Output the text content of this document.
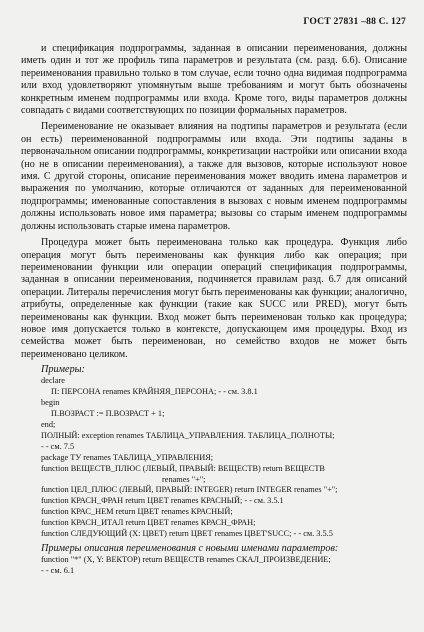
ГОСТ 27831 –88 С. 127

и спецификация подпрограммы, заданная в описании переименования, должны иметь один и тот же профиль типа параметров и результата (см. разд. 6.6). Описание переименования правильно только в том случае, если точно одна видимая подпрограмма или вход удовлетворяют упомянутым выше требованиям и могут быть обозначены конкретным именем подпрограммы или входа. Кроме того, виды параметров должны совпадать с видами соответствующих по позиции формальных параметров.

Переименование не оказывает влияния на подтипы параметров и результата (если он есть) переименованной подпрограммы или входа. Эти подтипы заданы в первоначальном описании подпрограммы, конкретизации настройки или описании входа (но не в описании переименования), а также для вызовов, которые используют новое имя. С другой стороны, описание переименования может вводить имена параметров и выражения по умолчанию, которые отличаются от заданных для переименованной подпрограммы; именованные сопоставления в вызовах с новым именем подпрограммы должны использовать новое имя параметра; вызовы со старым именем подпрограммы должны использовать старые имена параметров.

Процедура может быть переименована только как процедура. Функция либо операция могут быть переименованы как функция либо как операция; при переименовании функции или операции операций спецификация подпрограммы, заданная в описании переименования, подчиняется правилам разд. 6.7 для описаний операции. Литералы перечисления могут быть переименованы как функции; аналогично, атрибуты, определенные как функции (такие как SUCC или PRED), могут быть переименованы как функции. Вход может быть переименован только как процедура; новое имя допускается только в контексте, допускающем имя процедуры. Вход из семейства может быть переименован, но семейство входов не может быть переименовано целиком.

Примеры:
declare
П: ПЕРСОНА renames КРАЙНЯЯ_ПЕРСОНА; - - см. 3.8.1
begin
П.ВОЗРАСТ := П.ВОЗРАСТ + 1;
end;
ПОЛНЫЙ: exception renames ТАБЛИЦА_УПРАВЛЕНИЯ. ТАБЛИЦА_ПОЛНОТЫ;
- - см. 7.5
package ТУ renames ТАБЛИЦА_УПРАВЛЕНИЯ;
function ВЕЩЕСТВ_ПЛЮС (ЛЕВЫЙ, ПРАВЫЙ: ВЕЩЕСТВ) return ВЕЩЕСТВ
renames "+";
function ЦЕЛ_ПЛЮС (ЛЕВЫЙ, ПРАВЫЙ: INTEGER) return INTEGER renames "+";
function КРАСН_ФРАН return ЦВЕТ renames КРАСНЫЙ; - - см. 3.5.1
function КРАС_НЕМ return ЦВЕТ renames КРАСНЫЙ;
function КРАСН_ИТАЛ return ЦВЕТ renames КРАСН_ФРАН;
function СЛЕДУЮЩИЙ (X: ЦВЕТ) return ЦВЕТ renames ЦВЕТ'SUCC; - - см. 3.5.5
Примеры описания переименования с новыми именами параметров:
function "*" (X, Y: ВЕКТОР) return ВЕЩЕСТВ renames СКАЛ_ПРОИЗВЕДЕНИЕ;
- - см. 6.1
